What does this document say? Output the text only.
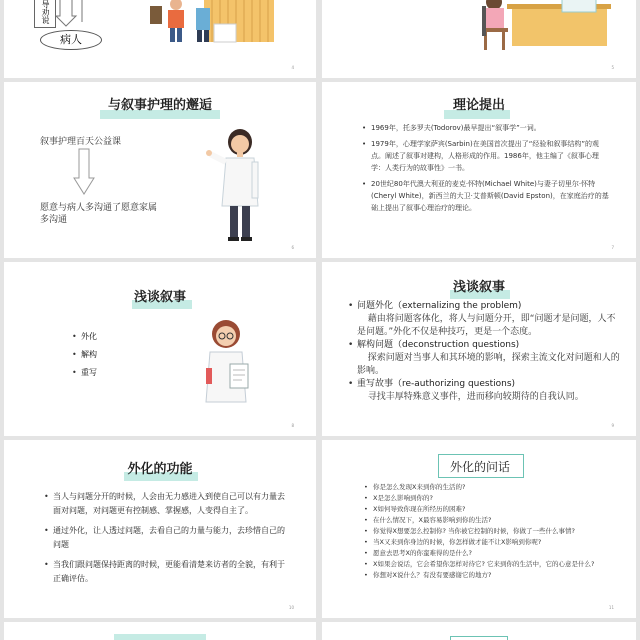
导劝说
病人
4	5
与叙事护理的邂逅
叙事护理百天公益课
愿意与病人多沟通了愿意家属多沟通
6
理论提出
• 1969年，托多罗夫(Todorov)最早提出“叙事学”一词。
• 1979年，心理学家萨宾(Sarbin)在美国首次提出了“经验和叙事结构”的观点。阐述了叙事对建构，人格形成的作用。1986年，他主编了《叙事心理学：人类行为的故事性》一书。
• 20世纪80年代澳大利亚的麦克·怀特(Michael White)与妻子切里尔·怀特(Cheryl White)，新西兰的大卫·艾普斯顿(David Epston)，在家庭治疗的基础上提出了叙事心理治疗的理论。
7
浅谈叙事
• 外化
• 解构
• 重写
8
浅谈叙事
• 问题外化（externalizing the problem)
藉由将问题客体化，将人与问题分开，即“问题才是问题，人不是问题。”外化不仅是种技巧，更是一个态度。
• 解构问题（deconstruction questions)
探索问题对当事人和其环境的影响，探索主流文化对问题和人的影响。
• 重写故事（re-authorizing questions)
寻找丰厚特殊意义事件，进而移向较期待的自我认同。
9
外化的功能
• 当人与问题分开的时候，人会由无力感进入到使自己可以有力量去面对问题，对问题更有控制感、掌握感，人变得自主了。
• 通过外化，让人透过问题，去看自己的力量与能力，去珍惜自己的问题
• 当我们跟问题保持距离的时候，更能看清楚来访者的全貌，有利于正确评估。
10
外化的问话
• 你是怎么发现X来到你的生活的?
• X是怎么影响到你的?
• X如何导致你现在所经历的困难?
• 在什么情况下，X最容易影响到你的生活?
• 你觉得X想要怎么控制你? 当你被它控制的时候，你做了一些什么事情?
• 当X又来到你身边的时候，你怎样做才能不让X影响到你呢?
• 愿意去思考X的你蛮难得的是什么?
• X如果会说话，它会希望你怎样对待它? 它来到你的生活中，它的心意是什么?
• 你想对X说什么？有没有要感谢它的地方?
11
